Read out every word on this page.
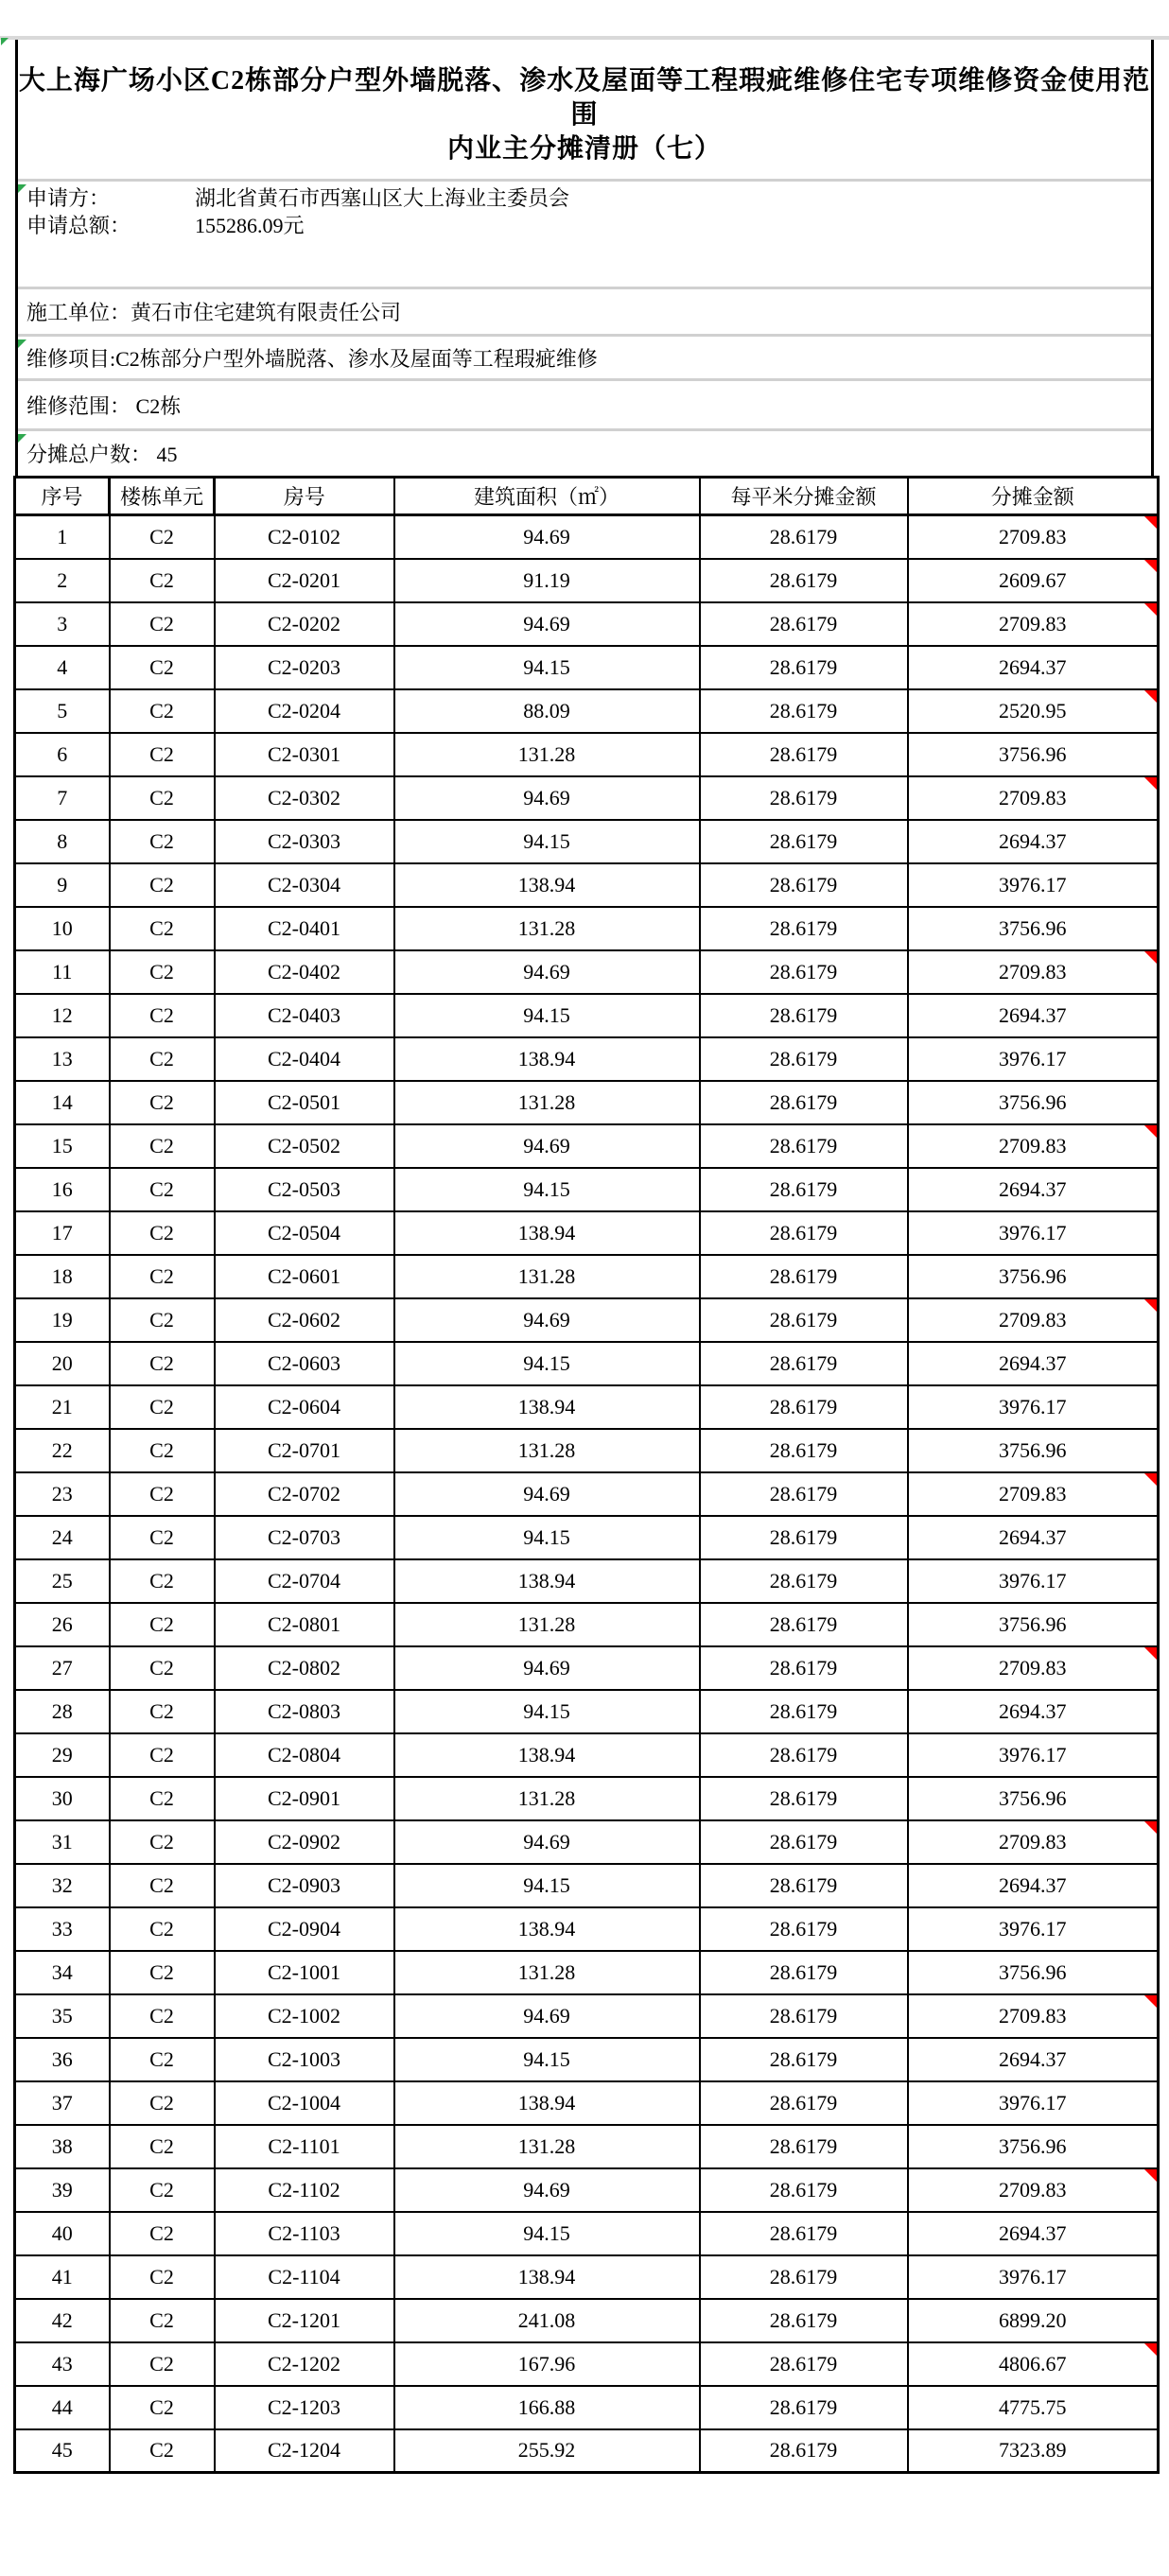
大上海广场小区C2栋部分户型外墙脱落、渗水及屋面等工程瑕疵维修住宅专项维修资金使用范围
内业主分摊清册（七）
申请方：	湖北省黄石市西塞山区大上海业主委员会
申请总额：	155286.09元
施工单位：黄石市住宅建筑有限责任公司
维修项目:C2栋部分户型外墙脱落、渗水及屋面等工程瑕疵维修
维修范围： C2栋
分摊总户数： 45
序号	楼栋单元	房号	建筑面积（㎡）	每平米分摊金额	分摊金额
1	C2	C2-0102	94.69	28.6179	2709.83

2	C2	C2-0201	91.19	28.6179	2609.67

3	C2	C2-0202	94.69	28.6179	2709.83

4	C2	C2-0203	94.15	28.6179	2694.37
5	C2	C2-0204	88.09	28.6179	2520.95

6	C2	C2-0301	131.28	28.6179	3756.96
7	C2	C2-0302	94.69	28.6179	2709.83

8	C2	C2-0303	94.15	28.6179	2694.37
9	C2	C2-0304	138.94	28.6179	3976.17
10	C2	C2-0401	131.28	28.6179	3756.96
11	C2	C2-0402	94.69	28.6179	2709.83

12	C2	C2-0403	94.15	28.6179	2694.37
13	C2	C2-0404	138.94	28.6179	3976.17
14	C2	C2-0501	131.28	28.6179	3756.96
15	C2	C2-0502	94.69	28.6179	2709.83

16	C2	C2-0503	94.15	28.6179	2694.37
17	C2	C2-0504	138.94	28.6179	3976.17
18	C2	C2-0601	131.28	28.6179	3756.96
19	C2	C2-0602	94.69	28.6179	2709.83

20	C2	C2-0603	94.15	28.6179	2694.37
21	C2	C2-0604	138.94	28.6179	3976.17
22	C2	C2-0701	131.28	28.6179	3756.96
23	C2	C2-0702	94.69	28.6179	2709.83

24	C2	C2-0703	94.15	28.6179	2694.37
25	C2	C2-0704	138.94	28.6179	3976.17
26	C2	C2-0801	131.28	28.6179	3756.96
27	C2	C2-0802	94.69	28.6179	2709.83

28	C2	C2-0803	94.15	28.6179	2694.37
29	C2	C2-0804	138.94	28.6179	3976.17
30	C2	C2-0901	131.28	28.6179	3756.96
31	C2	C2-0902	94.69	28.6179	2709.83

32	C2	C2-0903	94.15	28.6179	2694.37
33	C2	C2-0904	138.94	28.6179	3976.17
34	C2	C2-1001	131.28	28.6179	3756.96
35	C2	C2-1002	94.69	28.6179	2709.83

36	C2	C2-1003	94.15	28.6179	2694.37
37	C2	C2-1004	138.94	28.6179	3976.17
38	C2	C2-1101	131.28	28.6179	3756.96
39	C2	C2-1102	94.69	28.6179	2709.83

40	C2	C2-1103	94.15	28.6179	2694.37
41	C2	C2-1104	138.94	28.6179	3976.17
42	C2	C2-1201	241.08	28.6179	6899.20
43	C2	C2-1202	167.96	28.6179	4806.67

44	C2	C2-1203	166.88	28.6179	4775.75
45	C2	C2-1204	255.92	28.6179	7323.89
